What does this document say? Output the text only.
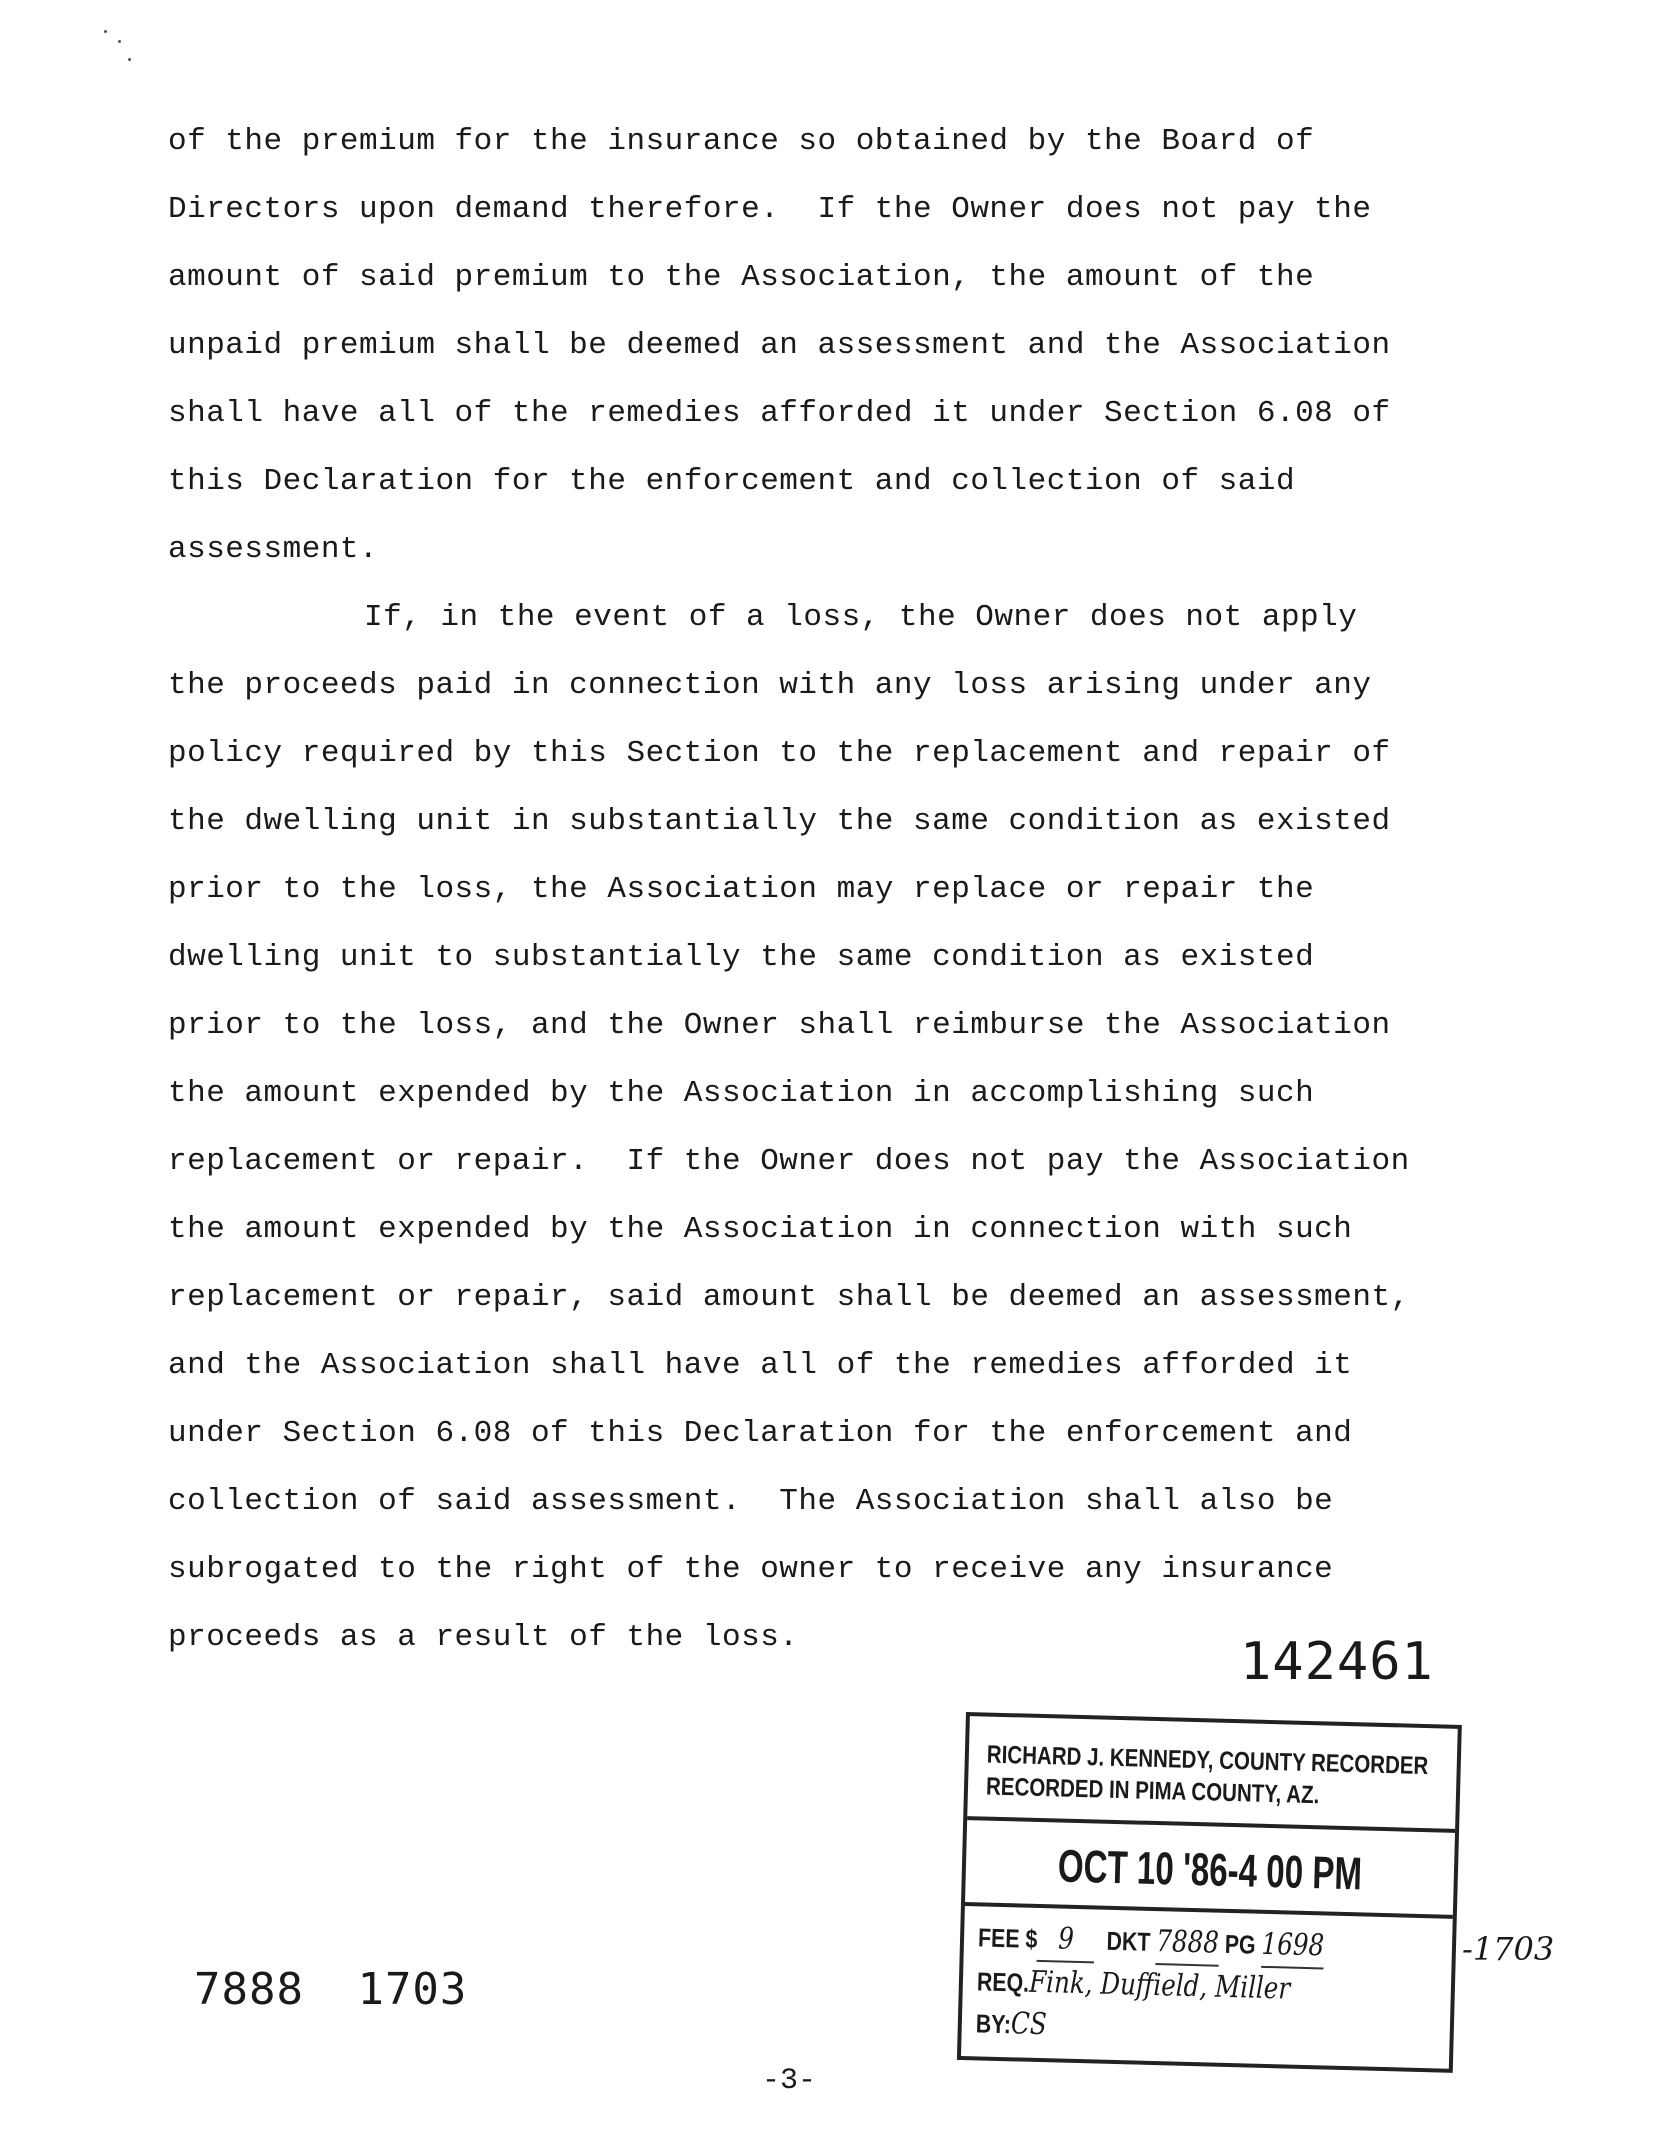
of the premium for the insurance so obtained by the Board of
Directors upon demand therefore.  If the Owner does not pay the
amount of said premium to the Association, the amount of the
unpaid premium shall be deemed an assessment and the Association
shall have all of the remedies afforded it under Section 6.08 of
this Declaration for the enforcement and collection of said
assessment.
If, in the event of a loss, the Owner does not apply
the proceeds paid in connection with any loss arising under any
policy required by this Section to the replacement and repair of
the dwelling unit in substantially the same condition as existed
prior to the loss, the Association may replace or repair the
dwelling unit to substantially the same condition as existed
prior to the loss, and the Owner shall reimburse the Association
the amount expended by the Association in accomplishing such
replacement or repair.  If the Owner does not pay the Association
the amount expended by the Association in connection with such
replacement or repair, said amount shall be deemed an assessment,
and the Association shall have all of the remedies afforded it
under Section 6.08 of this Declaration for the enforcement and
collection of said assessment.  The Association shall also be
subrogated to the right of the owner to receive any insurance
proceeds as a result of the loss.	142461
RICHARD J. KENNEDY, COUNTY RECORDER
RECORDED IN PIMA COUNTY, AZ.
OCT 10 '86-4 00 PM
FEE $ 9 DKT 7888 PG 1698
REQ.Fink, Duffield, Miller
BY:CS
-1703
7888 1703
-3-
